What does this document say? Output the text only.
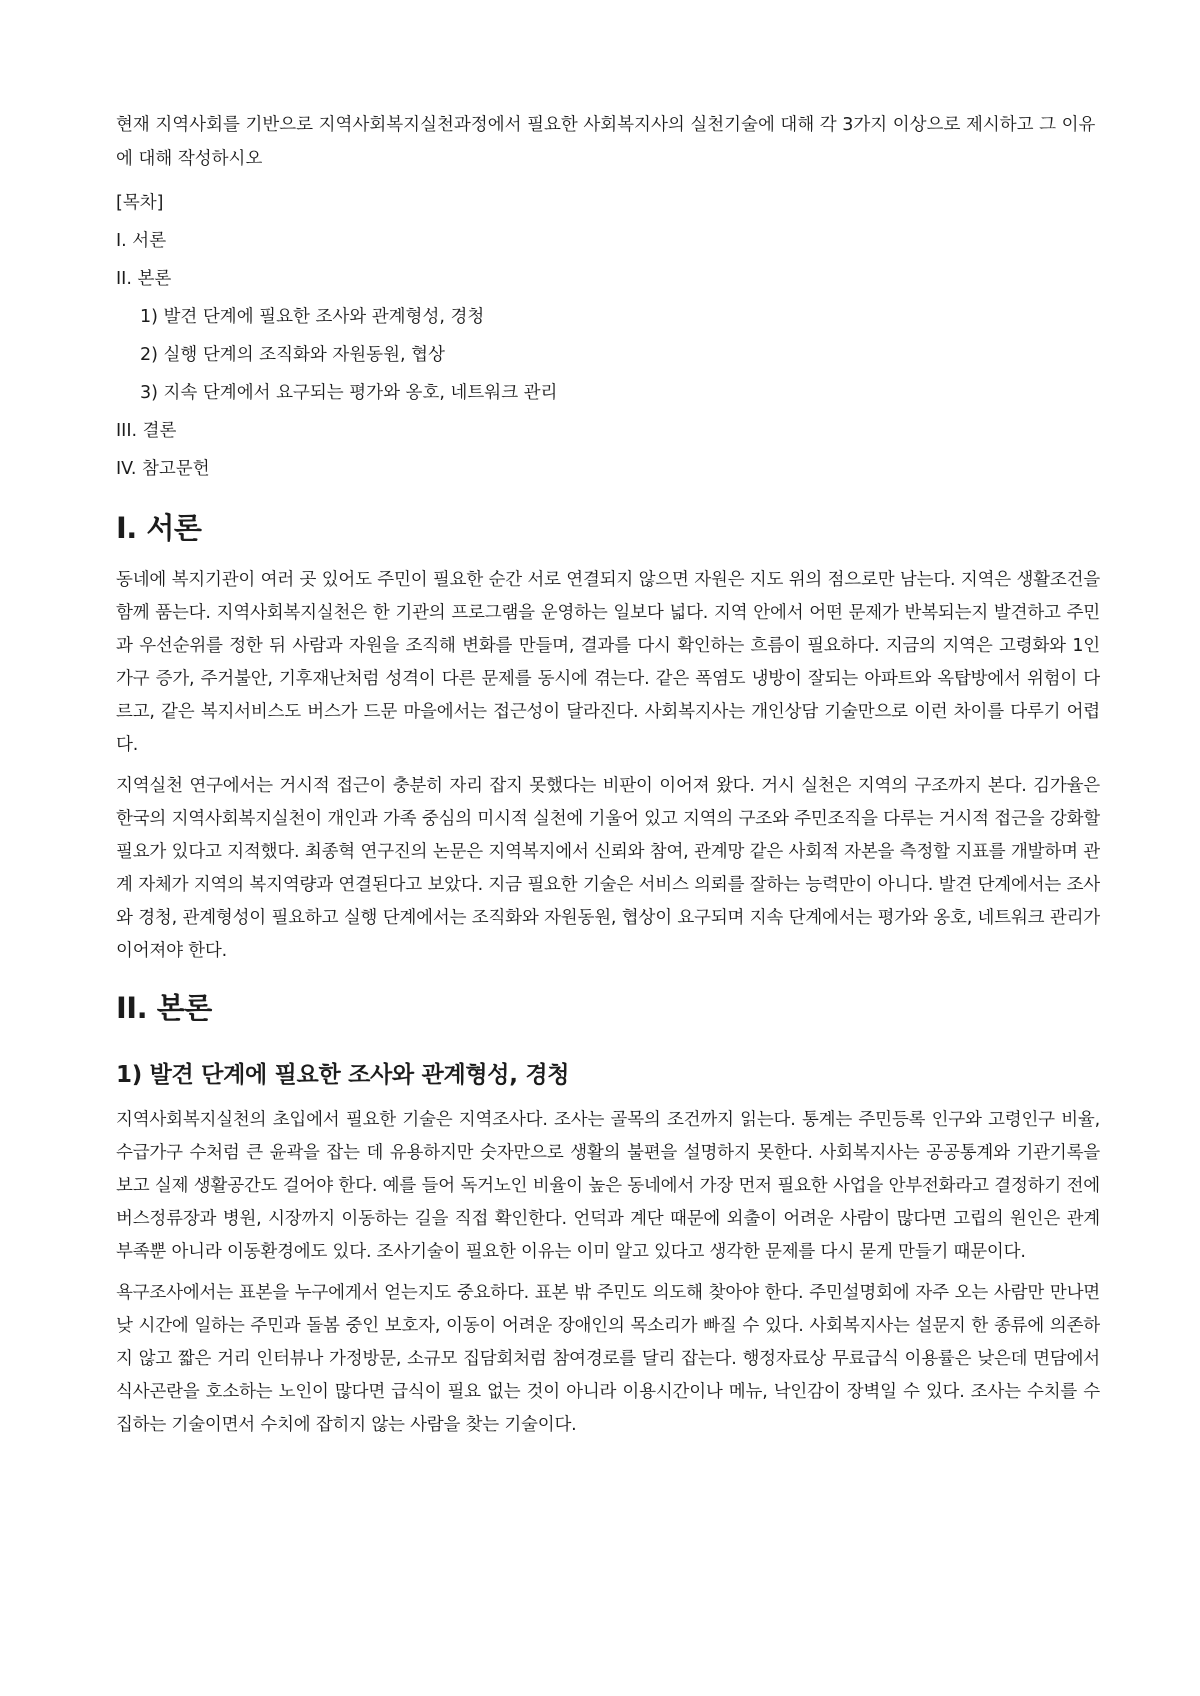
현재 지역사회를 기반으로 지역사회복지실천과정에서 필요한 사회복지사의 실천기술에 대해 각 3가지 이상으로 제시하고 그 이유에 대해 작성하시오

[목차]
I. 서론
II. 본론
1) 발견 단계에 필요한 조사와 관계형성, 경청
2) 실행 단계의 조직화와 자원동원, 협상
3) 지속 단계에서 요구되는 평가와 옹호, 네트워크 관리
III. 결론
IV. 참고문헌
I. 서론

동네에 복지기관이 여러 곳 있어도 주민이 필요한 순간 서로 연결되지 않으면 자원은 지도 위의 점으로만 남는다. 지역은 생활조건을 함께 품는다. 지역사회복지실천은 한 기관의 프로그램을 운영하는 일보다 넓다. 지역 안에서 어떤 문제가 반복되는지 발견하고 주민과 우선순위를 정한 뒤 사람과 자원을 조직해 변화를 만들며, 결과를 다시 확인하는 흐름이 필요하다. 지금의 지역은 고령화와 1인 가구 증가, 주거불안, 기후재난처럼 성격이 다른 문제를 동시에 겪는다. 같은 폭염도 냉방이 잘되는 아파트와 옥탑방에서 위험이 다르고, 같은 복지서비스도 버스가 드문 마을에서는 접근성이 달라진다. 사회복지사는 개인상담 기술만으로 이런 차이를 다루기 어렵다.

지역실천 연구에서는 거시적 접근이 충분히 자리 잡지 못했다는 비판이 이어져 왔다. 거시 실천은 지역의 구조까지 본다. 김가율은 한국의 지역사회복지실천이 개인과 가족 중심의 미시적 실천에 기울어 있고 지역의 구조와 주민조직을 다루는 거시적 접근을 강화할 필요가 있다고 지적했다. 최종혁 연구진의 논문은 지역복지에서 신뢰와 참여, 관계망 같은 사회적 자본을 측정할 지표를 개발하며 관계 자체가 지역의 복지역량과 연결된다고 보았다. 지금 필요한 기술은 서비스 의뢰를 잘하는 능력만이 아니다. 발견 단계에서는 조사와 경청, 관계형성이 필요하고 실행 단계에서는 조직화와 자원동원, 협상이 요구되며 지속 단계에서는 평가와 옹호, 네트워크 관리가 이어져야 한다.

II. 본론
1) 발견 단계에 필요한 조사와 관계형성, 경청

지역사회복지실천의 초입에서 필요한 기술은 지역조사다. 조사는 골목의 조건까지 읽는다. 통계는 주민등록 인구와 고령인구 비율, 수급가구 수처럼 큰 윤곽을 잡는 데 유용하지만 숫자만으로 생활의 불편을 설명하지 못한다. 사회복지사는 공공통계와 기관기록을 보고 실제 생활공간도 걸어야 한다. 예를 들어 독거노인 비율이 높은 동네에서 가장 먼저 필요한 사업을 안부전화라고 결정하기 전에 버스정류장과 병원, 시장까지 이동하는 길을 직접 확인한다. 언덕과 계단 때문에 외출이 어려운 사람이 많다면 고립의 원인은 관계 부족뿐 아니라 이동환경에도 있다. 조사기술이 필요한 이유는 이미 알고 있다고 생각한 문제를 다시 묻게 만들기 때문이다.

욕구조사에서는 표본을 누구에게서 얻는지도 중요하다. 표본 밖 주민도 의도해 찾아야 한다. 주민설명회에 자주 오는 사람만 만나면 낮 시간에 일하는 주민과 돌봄 중인 보호자, 이동이 어려운 장애인의 목소리가 빠질 수 있다. 사회복지사는 설문지 한 종류에 의존하지 않고 짧은 거리 인터뷰나 가정방문, 소규모 집담회처럼 참여경로를 달리 잡는다. 행정자료상 무료급식 이용률은 낮은데 면담에서 식사곤란을 호소하는 노인이 많다면 급식이 필요 없는 것이 아니라 이용시간이나 메뉴, 낙인감이 장벽일 수 있다. 조사는 수치를 수집하는 기술이면서 수치에 잡히지 않는 사람을 찾는 기술이다.
